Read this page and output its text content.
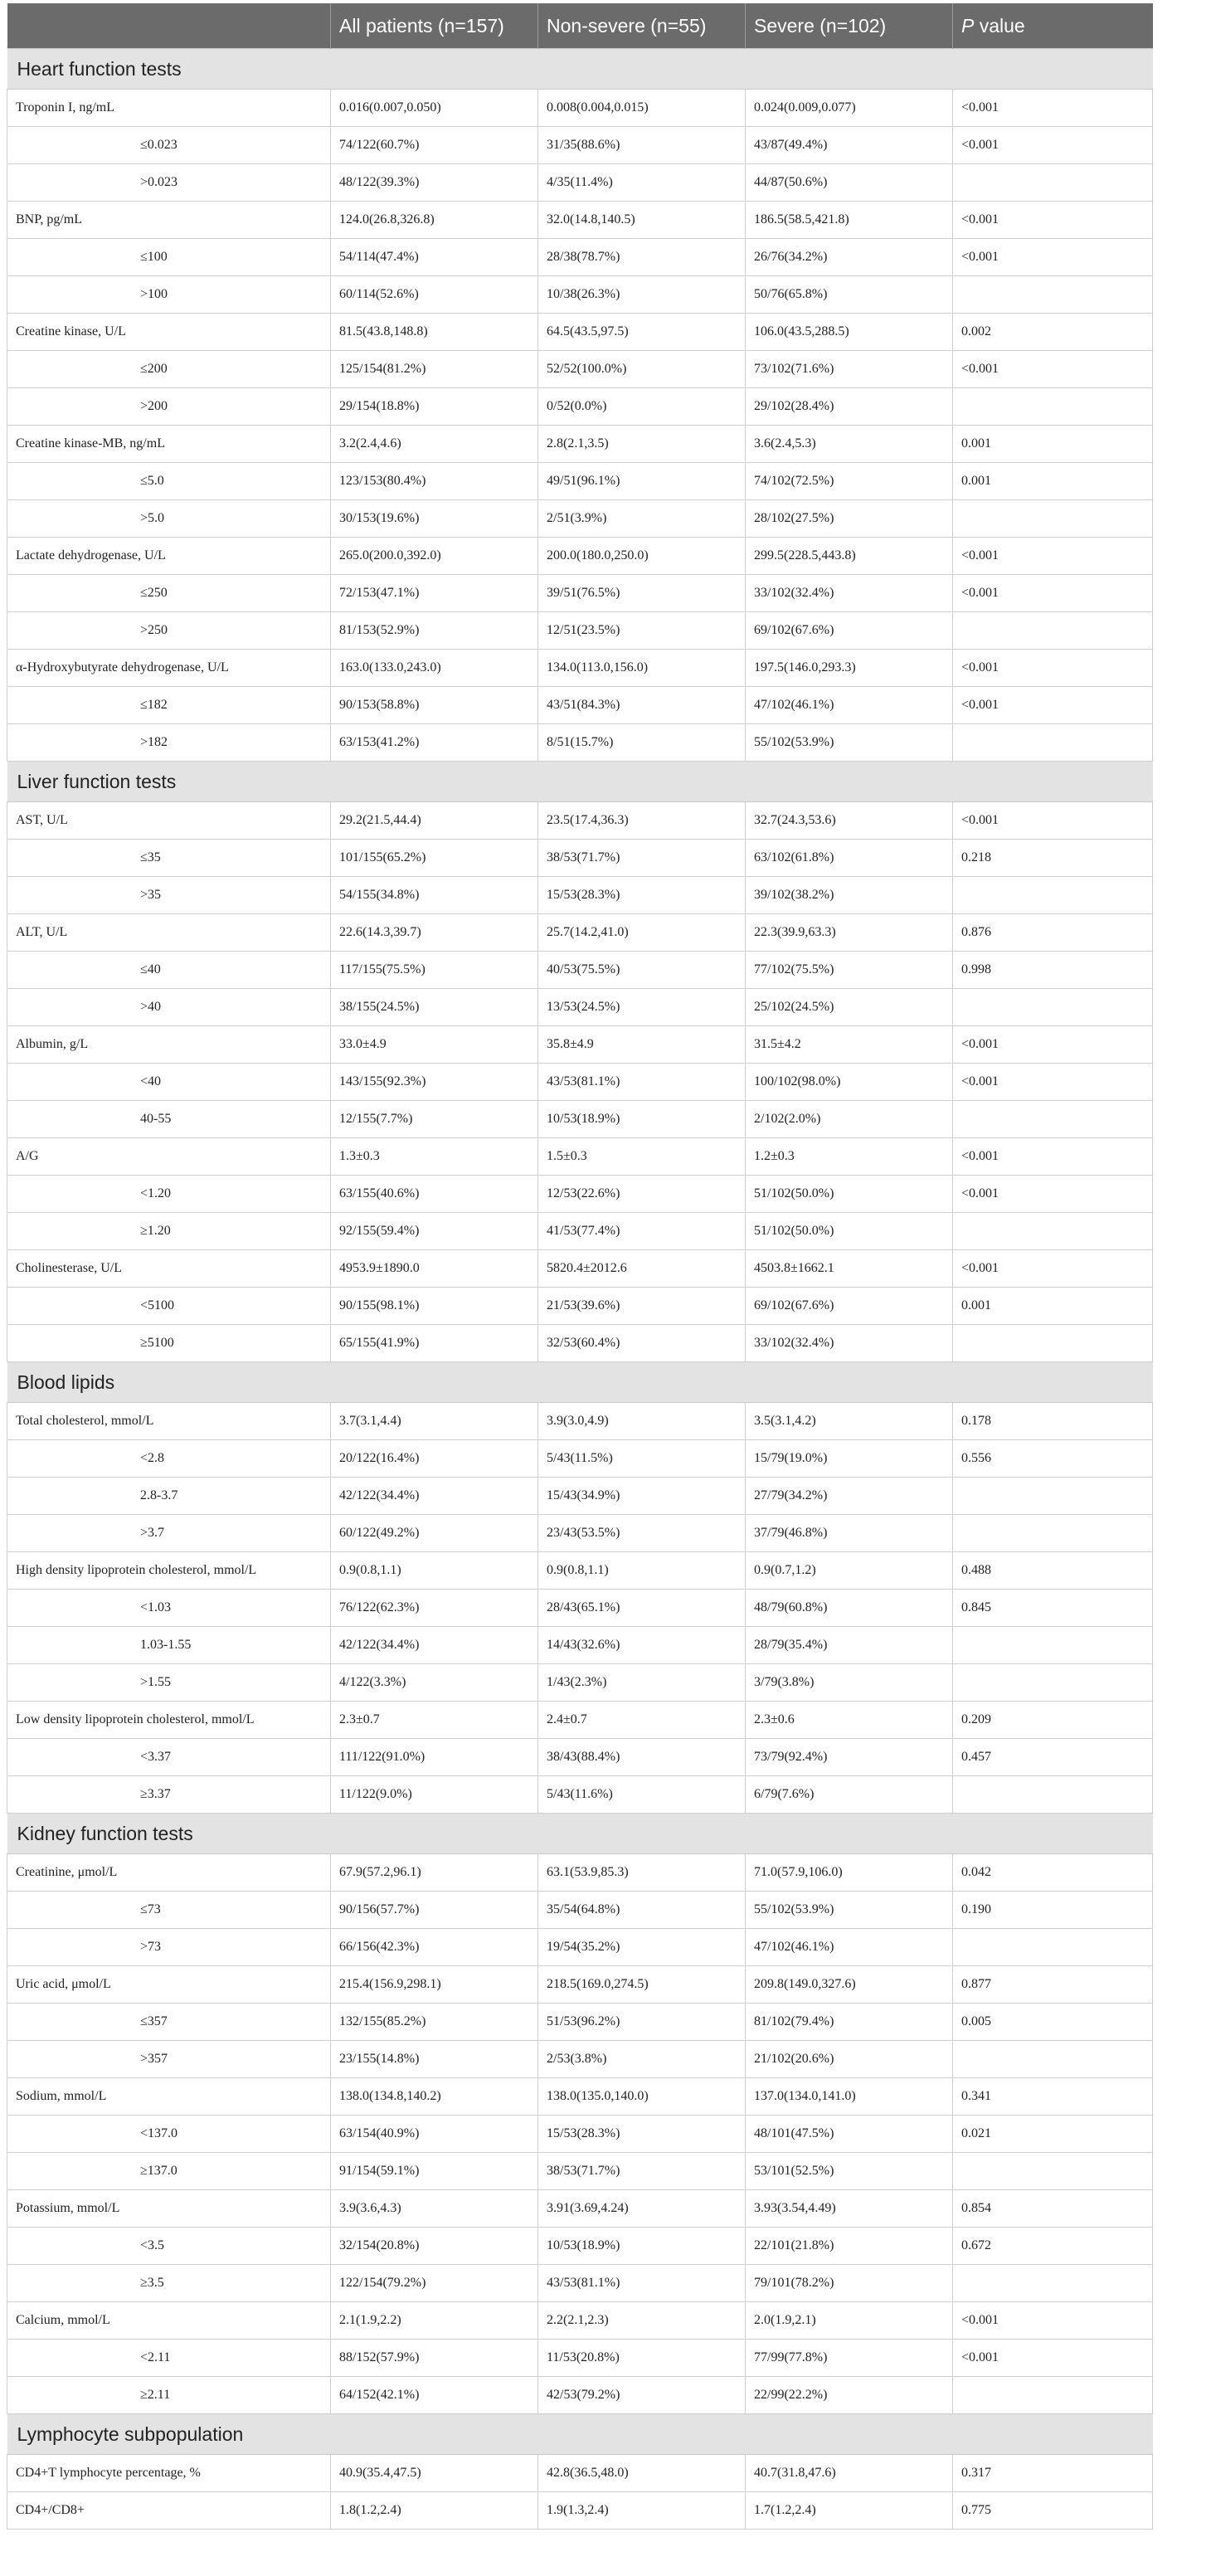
	All patients (n=157)	Non-severe (n=55)	Severe (n=102)	P value
Heart function tests				
Troponin I, ng/mL	0.016(0.007,0.050)	0.008(0.004,0.015)	0.024(0.009,0.077)	<0.001
≤0.023	74/122(60.7%)	31/35(88.6%)	43/87(49.4%)	<0.001
>0.023	48/122(39.3%)	4/35(11.4%)	44/87(50.6%)	
BNP, pg/mL	124.0(26.8,326.8)	32.0(14.8,140.5)	186.5(58.5,421.8)	<0.001
≤100	54/114(47.4%)	28/38(78.7%)	26/76(34.2%)	<0.001
>100	60/114(52.6%)	10/38(26.3%)	50/76(65.8%)	
Creatine kinase, U/L	81.5(43.8,148.8)	64.5(43.5,97.5)	106.0(43.5,288.5)	0.002
≤200	125/154(81.2%)	52/52(100.0%)	73/102(71.6%)	<0.001
>200	29/154(18.8%)	0/52(0.0%)	29/102(28.4%)	
Creatine kinase-MB, ng/mL	3.2(2.4,4.6)	2.8(2.1,3.5)	3.6(2.4,5.3)	0.001
≤5.0	123/153(80.4%)	49/51(96.1%)	74/102(72.5%)	0.001
>5.0	30/153(19.6%)	2/51(3.9%)	28/102(27.5%)	
Lactate dehydrogenase, U/L	265.0(200.0,392.0)	200.0(180.0,250.0)	299.5(228.5,443.8)	<0.001
≤250	72/153(47.1%)	39/51(76.5%)	33/102(32.4%)	<0.001
>250	81/153(52.9%)	12/51(23.5%)	69/102(67.6%)	
α-Hydroxybutyrate dehydrogenase, U/L	163.0(133.0,243.0)	134.0(113.0,156.0)	197.5(146.0,293.3)	<0.001
≤182	90/153(58.8%)	43/51(84.3%)	47/102(46.1%)	<0.001
>182	63/153(41.2%)	8/51(15.7%)	55/102(53.9%)	
Liver function tests				
AST, U/L	29.2(21.5,44.4)	23.5(17.4,36.3)	32.7(24.3,53.6)	<0.001
≤35	101/155(65.2%)	38/53(71.7%)	63/102(61.8%)	0.218
>35	54/155(34.8%)	15/53(28.3%)	39/102(38.2%)	
ALT, U/L	22.6(14.3,39.7)	25.7(14.2,41.0)	22.3(39.9,63.3)	0.876
≤40	117/155(75.5%)	40/53(75.5%)	77/102(75.5%)	0.998
>40	38/155(24.5%)	13/53(24.5%)	25/102(24.5%)	
Albumin, g/L	33.0±4.9	35.8±4.9	31.5±4.2	<0.001
<40	143/155(92.3%)	43/53(81.1%)	100/102(98.0%)	<0.001
40-55	12/155(7.7%)	10/53(18.9%)	2/102(2.0%)	
A/G	1.3±0.3	1.5±0.3	1.2±0.3	<0.001
<1.20	63/155(40.6%)	12/53(22.6%)	51/102(50.0%)	<0.001
≥1.20	92/155(59.4%)	41/53(77.4%)	51/102(50.0%)	
Cholinesterase, U/L	4953.9±1890.0	5820.4±2012.6	4503.8±1662.1	<0.001
<5100	90/155(98.1%)	21/53(39.6%)	69/102(67.6%)	0.001
≥5100	65/155(41.9%)	32/53(60.4%)	33/102(32.4%)	
Blood lipids				
Total cholesterol, mmol/L	3.7(3.1,4.4)	3.9(3.0,4.9)	3.5(3.1,4.2)	0.178
<2.8	20/122(16.4%)	5/43(11.5%)	15/79(19.0%)	0.556
2.8-3.7	42/122(34.4%)	15/43(34.9%)	27/79(34.2%)	
>3.7	60/122(49.2%)	23/43(53.5%)	37/79(46.8%)	
High density lipoprotein cholesterol, mmol/L	0.9(0.8,1.1)	0.9(0.8,1.1)	0.9(0.7,1.2)	0.488
<1.03	76/122(62.3%)	28/43(65.1%)	48/79(60.8%)	0.845
1.03-1.55	42/122(34.4%)	14/43(32.6%)	28/79(35.4%)	
>1.55	4/122(3.3%)	1/43(2.3%)	3/79(3.8%)	
Low density lipoprotein cholesterol, mmol/L	2.3±0.7	2.4±0.7	2.3±0.6	0.209
<3.37	111/122(91.0%)	38/43(88.4%)	73/79(92.4%)	0.457
≥3.37	11/122(9.0%)	5/43(11.6%)	6/79(7.6%)	
Kidney function tests				
Creatinine, μmol/L	67.9(57.2,96.1)	63.1(53.9,85.3)	71.0(57.9,106.0)	0.042
≤73	90/156(57.7%)	35/54(64.8%)	55/102(53.9%)	0.190
>73	66/156(42.3%)	19/54(35.2%)	47/102(46.1%)	
Uric acid, μmol/L	215.4(156.9,298.1)	218.5(169.0,274.5)	209.8(149.0,327.6)	0.877
≤357	132/155(85.2%)	51/53(96.2%)	81/102(79.4%)	0.005
>357	23/155(14.8%)	2/53(3.8%)	21/102(20.6%)	
Sodium, mmol/L	138.0(134.8,140.2)	138.0(135.0,140.0)	137.0(134.0,141.0)	0.341
<137.0	63/154(40.9%)	15/53(28.3%)	48/101(47.5%)	0.021
≥137.0	91/154(59.1%)	38/53(71.7%)	53/101(52.5%)	
Potassium, mmol/L	3.9(3.6,4.3)	3.91(3.69,4.24)	3.93(3.54,4.49)	0.854
<3.5	32/154(20.8%)	10/53(18.9%)	22/101(21.8%)	0.672
≥3.5	122/154(79.2%)	43/53(81.1%)	79/101(78.2%)	
Calcium, mmol/L	2.1(1.9,2.2)	2.2(2.1,2.3)	2.0(1.9,2.1)	<0.001
<2.11	88/152(57.9%)	11/53(20.8%)	77/99(77.8%)	<0.001
≥2.11	64/152(42.1%)	42/53(79.2%)	22/99(22.2%)	
Lymphocyte subpopulation				
CD4+T lymphocyte percentage, %	40.9(35.4,47.5)	42.8(36.5,48.0)	40.7(31.8,47.6)	0.317
CD4+/CD8+	1.8(1.2,2.4)	1.9(1.3,2.4)	1.7(1.2,2.4)	0.775
